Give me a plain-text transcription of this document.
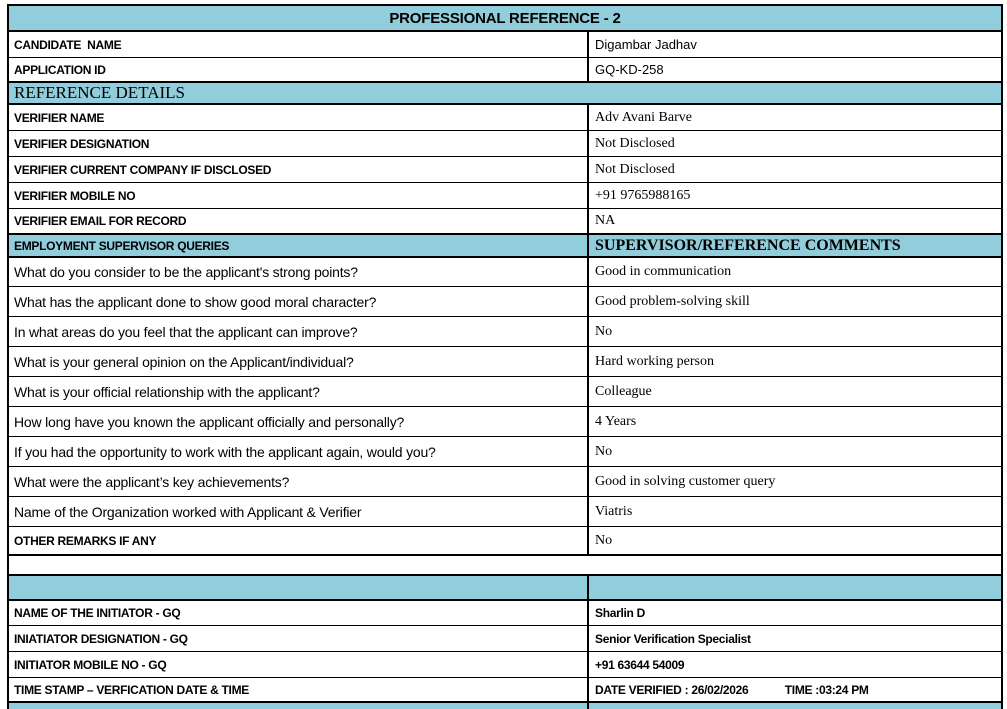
PROFESSIONAL REFERENCE - 2
CANDIDATE  NAME	Digambar Jadhav
APPLICATION ID	GQ-KD-258
REFERENCE DETAILS
VERIFIER NAME	Adv Avani Barve
VERIFIER DESIGNATION	Not Disclosed
VERIFIER CURRENT COMPANY IF DISCLOSED	Not Disclosed
VERIFIER MOBILE NO	+91 9765988165
VERIFIER EMAIL FOR RECORD	NA
EMPLOYMENT SUPERVISOR QUERIES	SUPERVISOR/REFERENCE COMMENTS
What do you consider to be the applicant's strong points?	Good in communication
What has the applicant done to show good moral character?	Good problem-solving skill
In what areas do you feel that the applicant can improve?	No
What is your general opinion on the Applicant/individual?	Hard working person
What is your official relationship with the applicant?	Colleague
How long have you known the applicant officially and personally?	4 Years
If you had the opportunity to work with the applicant again, would you?	No
What were the applicant’s key achievements?	Good in solving customer query
Name of the Organization worked with Applicant & Verifier	Viatris
OTHER REMARKS IF ANY	No
NAME OF THE INITIATOR - GQ	Sharlin D
INIATIATOR DESIGNATION - GQ	Senior Verification Specialist
INITIATOR MOBILE NO - GQ	+91 63644 54009
TIME STAMP – VERFICATION DATE & TIME	DATE VERIFIED : 26/02/2026            TIME :03:24 PM
